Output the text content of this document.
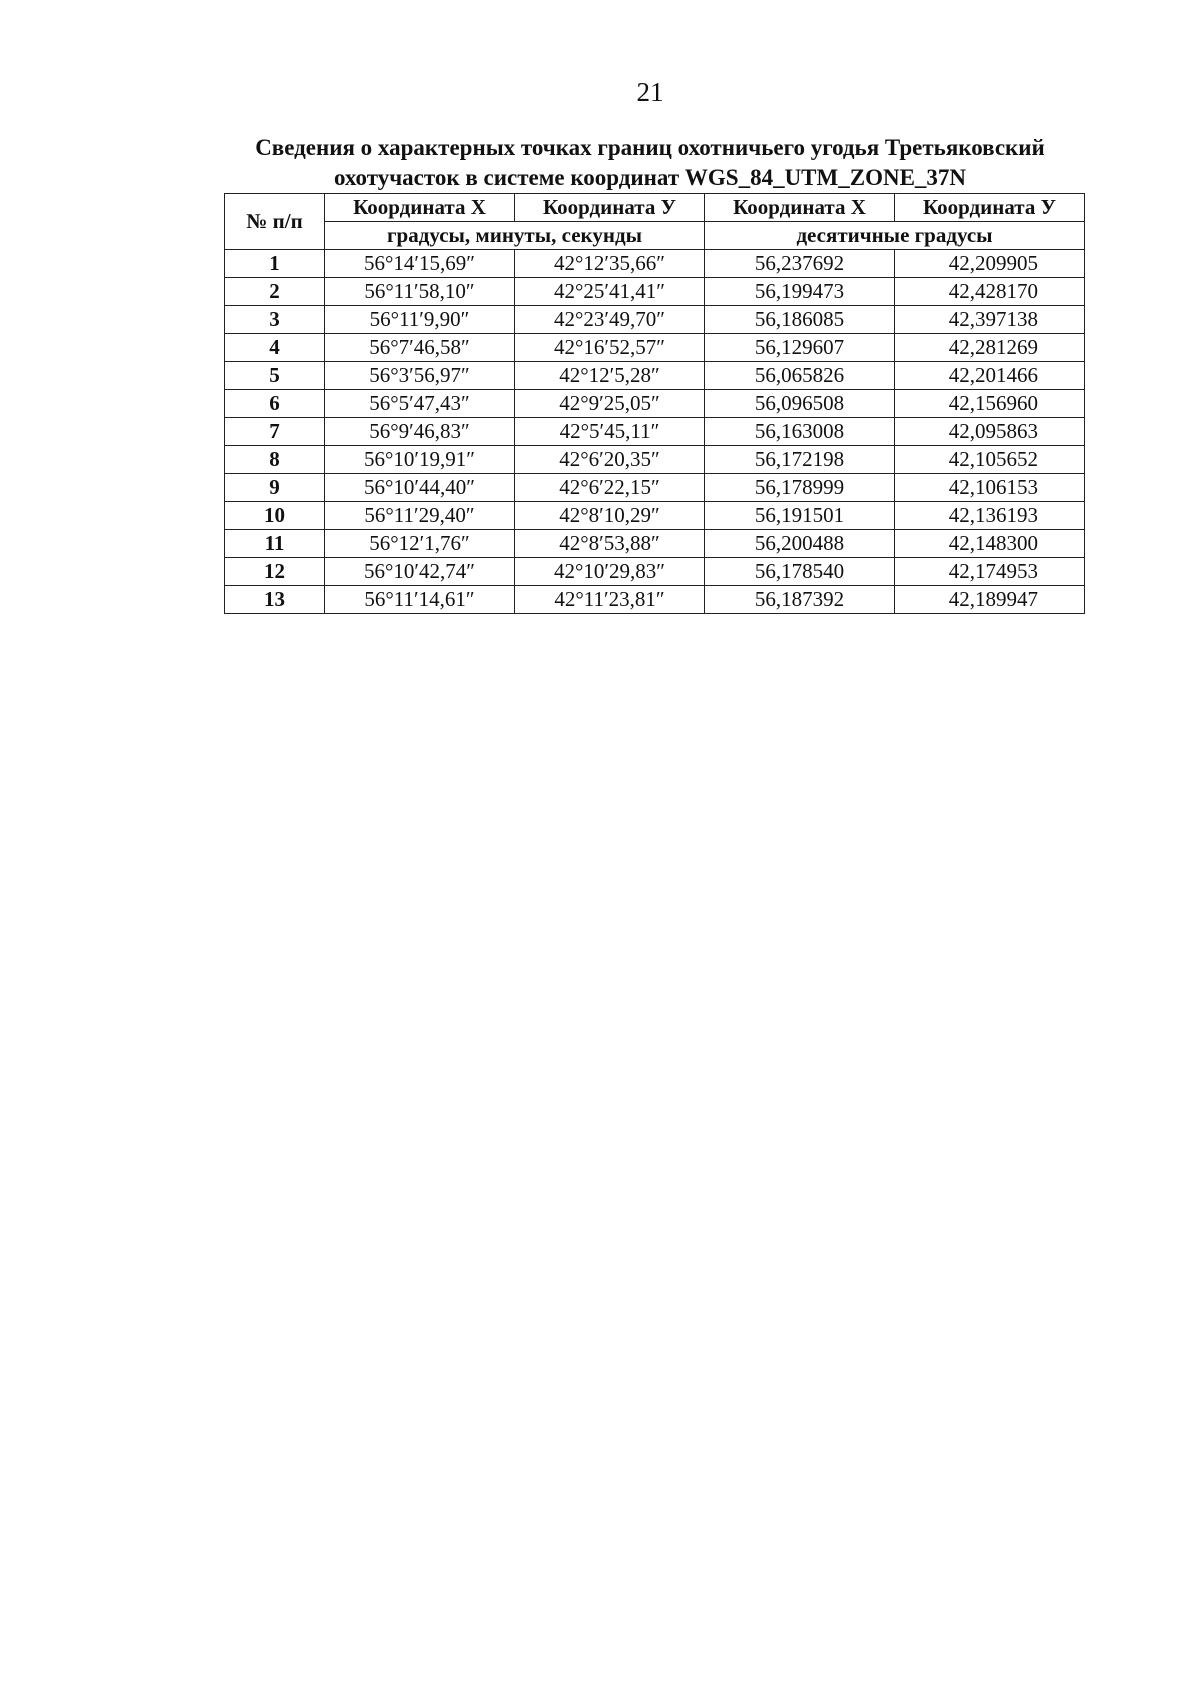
21
Сведения о характерных точках границ охотничьего угодья Третьяковский
охотучасток в системе координат WGS_84_UTM_ZONE_37N
№ п/п	Координата X	Координата У	Координата X	Координата У
	градусы, минуты, секунды		десятичные градусы	
1	56°14′15,69″	42°12′35,66″	56,237692	42,209905
2	56°11′58,10″	42°25′41,41″	56,199473	42,428170
3	56°11′9,90″	42°23′49,70″	56,186085	42,397138
4	56°7′46,58″	42°16′52,57″	56,129607	42,281269
5	56°3′56,97″	42°12′5,28″	56,065826	42,201466
6	56°5′47,43″	42°9′25,05″	56,096508	42,156960
7	56°9′46,83″	42°5′45,11″	56,163008	42,095863
8	56°10′19,91″	42°6′20,35″	56,172198	42,105652
9	56°10′44,40″	42°6′22,15″	56,178999	42,106153
10	56°11′29,40″	42°8′10,29″	56,191501	42,136193
11	56°12′1,76″	42°8′53,88″	56,200488	42,148300
12	56°10′42,74″	42°10′29,83″	56,178540	42,174953
13	56°11′14,61″	42°11′23,81″	56,187392	42,189947
